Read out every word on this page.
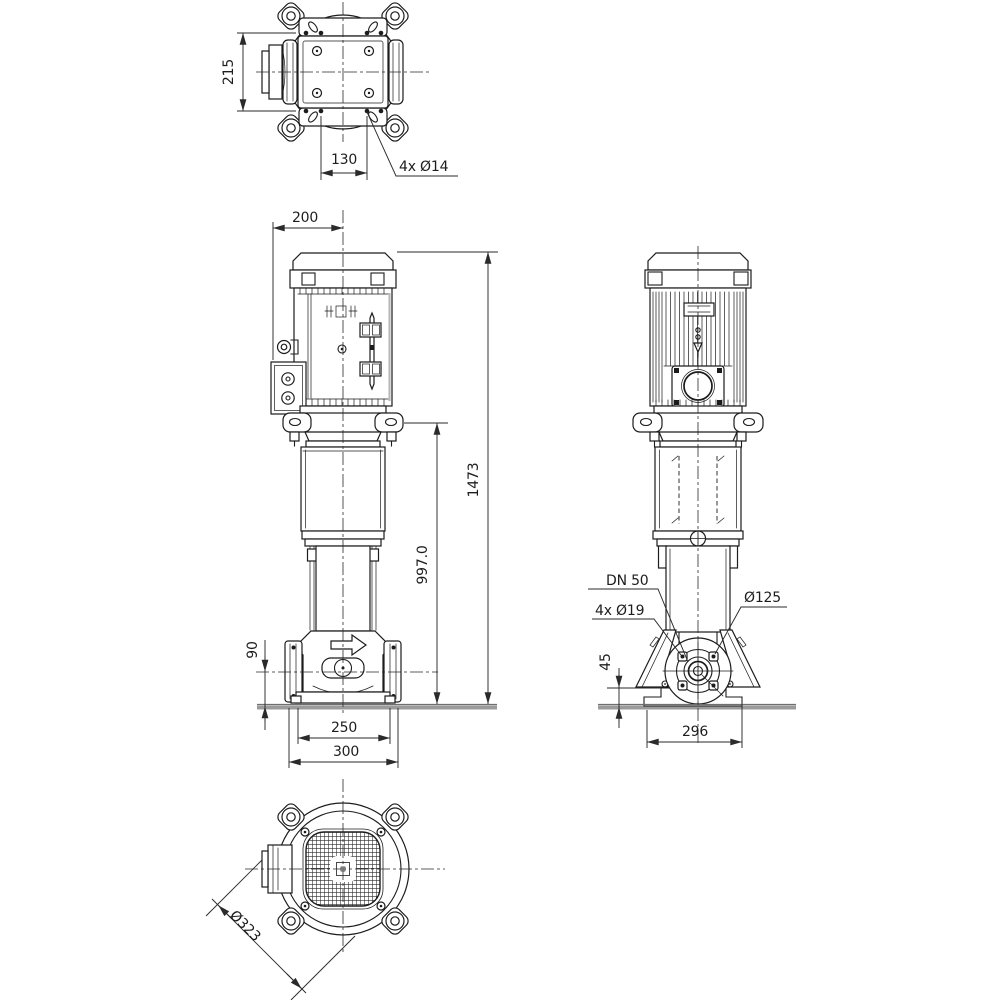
215
130	4x Ø14
200
1473
997.0
90
250
300
DN 50
4x Ø19
Ø125
45
296
Ø323
